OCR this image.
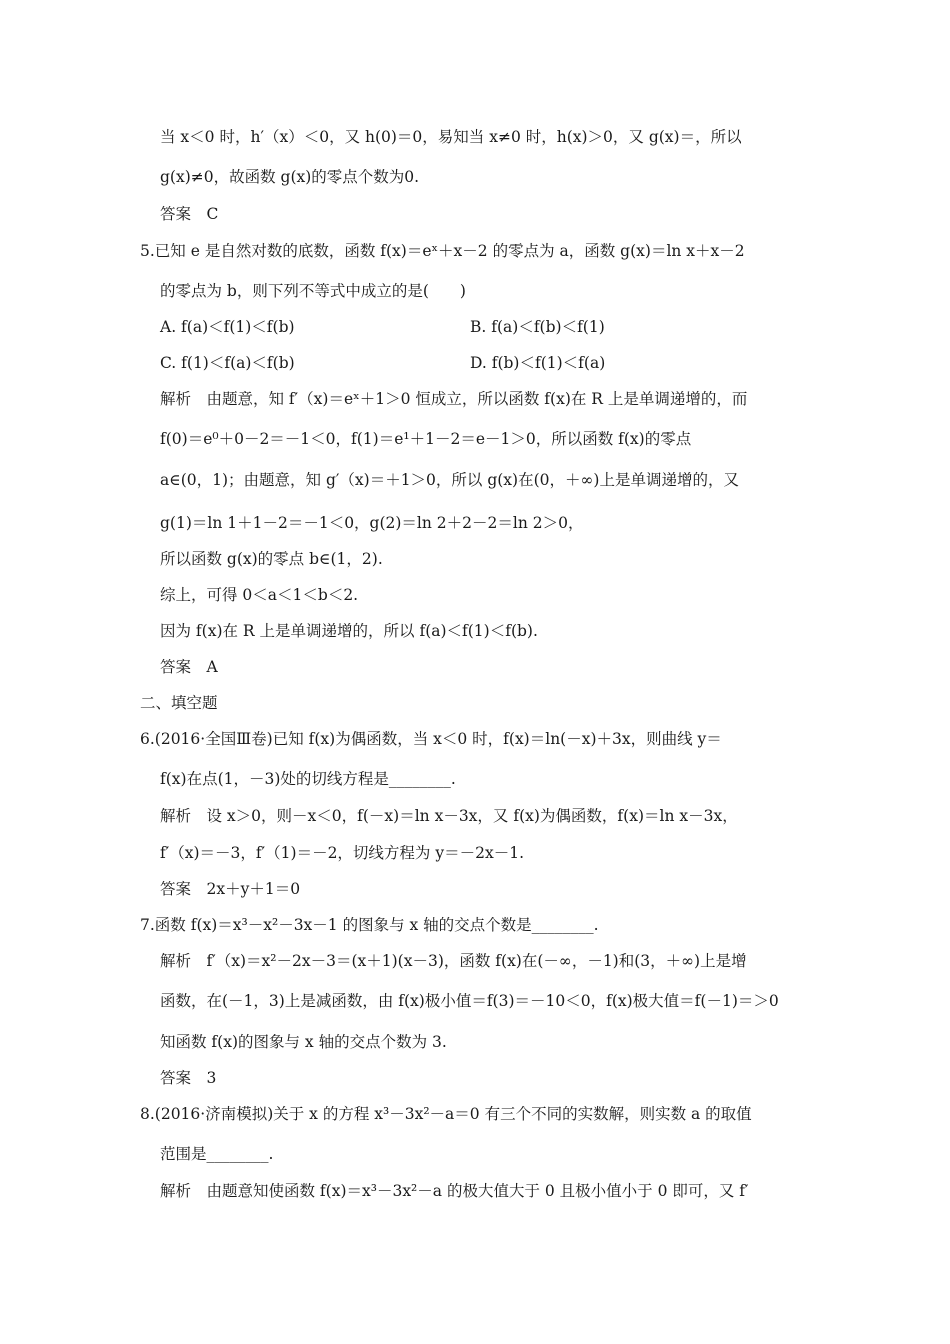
当 x＜0 时，h′（x）＜0，又 h(0)＝0，易知当 x≠0 时，h(x)＞0，又 g(x)＝，所以
g(x)≠0，故函数 g(x)的零点个数为0.
答案　C
5.已知 e 是自然对数的底数，函数 f(x)＝eˣ＋x－2 的零点为 a，函数 g(x)＝ln x＋x－2
的零点为 b，则下列不等式中成立的是(　　)
A. f(a)＜f(1)＜f(b)	B. f(a)＜f(b)＜f(1)
C. f(1)＜f(a)＜f(b)	D. f(b)＜f(1)＜f(a)
解析　由题意，知 f′（x)＝eˣ＋1＞0 恒成立，所以函数 f(x)在 R 上是单调递增的，而
f(0)＝e⁰＋0－2＝－1＜0，f(1)＝e¹＋1－2＝e－1＞0，所以函数 f(x)的零点
a∈(0，1)；由题意，知 g′（x)＝＋1＞0，所以 g(x)在(0，＋∞)上是单调递增的，又
g(1)＝ln 1＋1－2＝－1＜0，g(2)＝ln 2＋2－2＝ln 2＞0，
所以函数 g(x)的零点 b∈(1，2).
综上，可得 0＜a＜1＜b＜2.
因为 f(x)在 R 上是单调递增的，所以 f(a)＜f(1)＜f(b).
答案　A
二、填空题
6.(2016·全国Ⅲ卷)已知 f(x)为偶函数，当 x＜0 时，f(x)＝ln(－x)＋3x，则曲线 y＝
f(x)在点(1，－3)处的切线方程是________.
解析　设 x＞0，则－x＜0，f(－x)＝ln x－3x，又 f(x)为偶函数，f(x)＝ln x－3x，
f′（x)＝－3，f′（1)＝－2，切线方程为 y＝－2x－1.
答案　2x＋y＋1＝0
7.函数 f(x)＝x³－x²－3x－1 的图象与 x 轴的交点个数是________.
解析　f′（x)＝x²－2x－3＝(x＋1)(x－3)，函数 f(x)在(－∞，－1)和(3，＋∞)上是增
函数，在(－1，3)上是减函数，由 f(x)极小值＝f(3)＝－10＜0，f(x)极大值＝f(－1)＝＞0
知函数 f(x)的图象与 x 轴的交点个数为 3.
答案　3
8.(2016·济南模拟)关于 x 的方程 x³－3x²－a＝0 有三个不同的实数解，则实数 a 的取值
范围是________.
解析　由题意知使函数 f(x)＝x³－3x²－a 的极大值大于 0 且极小值小于 0 即可，又 f′
